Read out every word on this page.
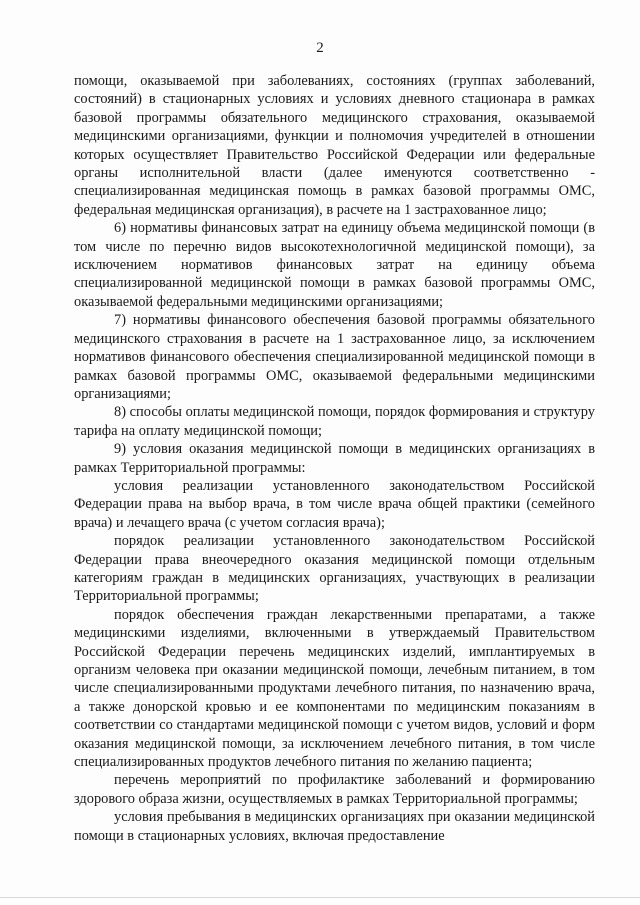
2

помощи, оказываемой при заболеваниях, состояниях (группах заболеваний, состояний) в стационарных условиях и условиях дневного стационара в рамках базовой программы обязательного медицинского страхования, оказываемой медицинскими организациями, функции и полномочия учредителей в отношении которых осуществляет Правительство Российской Федерации или федеральные органы исполнительной власти (далее именуются соответственно - специализированная медицинская помощь в рамках базовой программы ОМС, федеральная медицинская организация), в расчете на 1 застрахованное лицо;

6) нормативы финансовых затрат на единицу объема медицинской помощи (в том числе по перечню видов высокотехнологичной медицинской помощи), за исключением нормативов финансовых затрат на единицу объема специализированной медицинской помощи в рамках базовой программы ОМС, оказываемой федеральными медицинскими организациями;

7) нормативы финансового обеспечения базовой программы обязательного медицинского страхования в расчете на 1 застрахованное лицо, за исключением нормативов финансового обеспечения специализированной медицинской помощи в рамках базовой программы ОМС, оказываемой федеральными медицинскими организациями;

8) способы оплаты медицинской помощи, порядок формирования и структуру тарифа на оплату медицинской помощи;

9) условия оказания медицинской помощи в медицинских организациях в рамках Территориальной программы:

условия реализации установленного законодательством Российской Федерации права на выбор врача, в том числе врача общей практики (семейного врача) и лечащего врача (с учетом согласия врача);

порядок реализации установленного законодательством Российской Федерации права внеочередного оказания медицинской помощи отдельным категориям граждан в медицинских организациях, участвующих в реализации Территориальной программы;

порядок обеспечения граждан лекарственными препаратами, а также медицинскими изделиями, включенными в утверждаемый Правительством Российской Федерации перечень медицинских изделий, имплантируемых в организм человека при оказании медицинской помощи, лечебным питанием, в том числе специализированными продуктами лечебного питания, по назначению врача, а также донорской кровью и ее компонентами по медицинским показаниям в соответствии со стандартами медицинской помощи с учетом видов, условий и форм оказания медицинской помощи, за исключением лечебного питания, в том числе специализированных продуктов лечебного питания по желанию пациента;

перечень мероприятий по профилактике заболеваний и формированию здорового образа жизни, осуществляемых в рамках Территориальной программы;

условия пребывания в медицинских организациях при оказании медицинской помощи в стационарных условиях, включая предоставление
